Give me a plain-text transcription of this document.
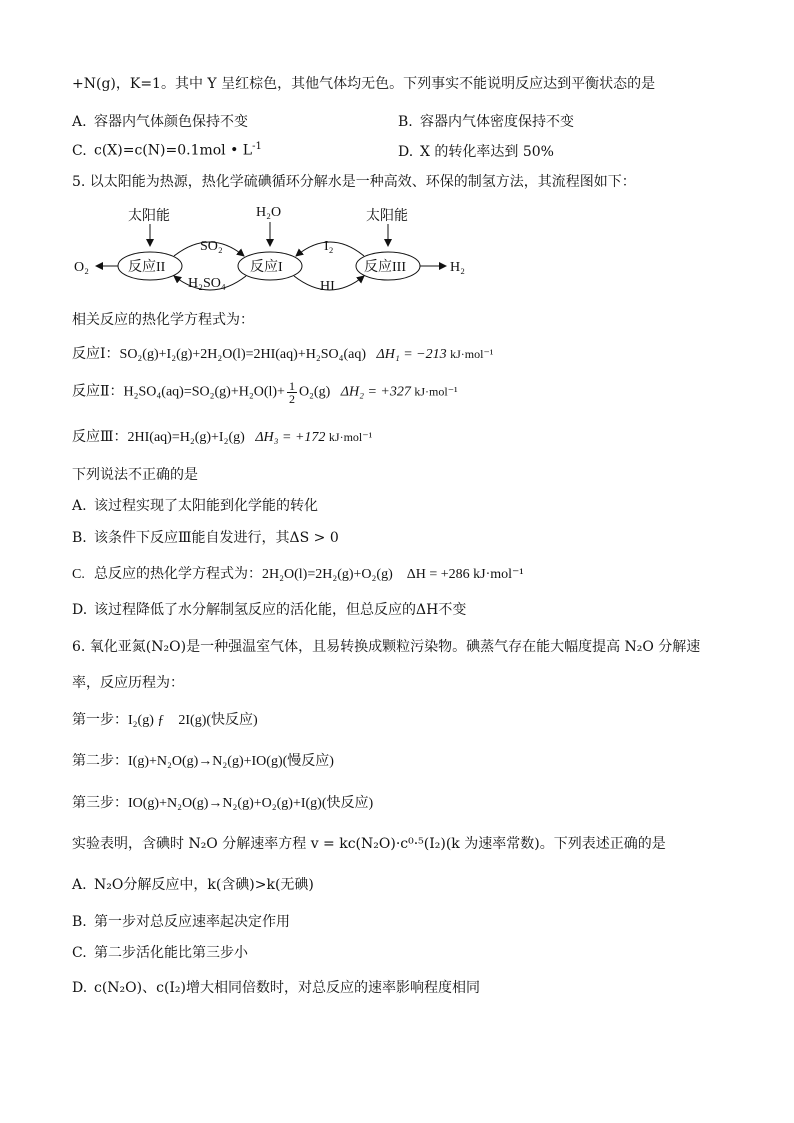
+N(g)，K=1。其中 Y 呈红棕色，其他气体均无色。下列事实不能说明反应达到平衡状态的是
A. 容器内气体颜色保持不变	B. 容器内气体密度保持不变
C. c(X)=c(N)=0.1mol • $L^{-1}$	D. X 的转化率达到 50%
5. 以太阳能为热源，热化学硫碘循环分解水是一种高效、环保的制氢方法，其流程图如下：
太阳能	H₂O	太阳能
反应II	反应I	反应III
SO₂
H₂SO₄
I₂
HI
O₂	H₂
相关反应的热化学方程式为：
反应Ⅰ：SO₂(g)+I₂(g)+2H₂O(l)=2HI(aq)+H₂SO₄(aq) ΔH₁ = −213 kJ·mol⁻¹
反应Ⅱ：$H_2SO_4(aq)=SO_2(g)+H_2O(l)+ \frac{1}{2} O_2(g) \Delta H_2 = +327$ kJ·mol⁻¹
反应Ⅲ：2HI(aq)=H₂(g)+I₂(g) ΔH₃ = +172 kJ·mol⁻¹
下列说法不正确的是
A. 该过程实现了太阳能到化学能的转化
B. 该条件下反应Ⅲ能自发进行，其ΔS > 0
C. 总反应的热化学方程式为：2H₂O(l)=2H₂(g)+O₂(g)　ΔH = +286 kJ·mol⁻¹
D. 该过程降低了水分解制氢反应的活化能，但总反应的ΔH不变
6. 氧化亚氮(N₂O)是一种强温室气体，且易转换成颗粒污染物。碘蒸气存在能大幅度提高 N₂O 分解速
率，反应历程为：
第一步：I₂(g) ƒ　2I(g)(快反应)
第二步：I(g)+N₂O(g)→N₂(g)+IO(g)(慢反应)
第三步：IO(g)+N₂O(g)→N₂(g)+O₂(g)+I(g)(快反应)
实验表明，含碘时 N₂O 分解速率方程 v = kc(N₂O)·c⁰·⁵(I₂)(k 为速率常数)。下列表述正确的是
A. N₂O分解反应中，k(含碘)>k(无碘)
B. 第一步对总反应速率起决定作用
C. 第二步活化能比第三步小
D. c(N₂O)、c(I₂)增大相同倍数时，对总反应的速率影响程度相同
